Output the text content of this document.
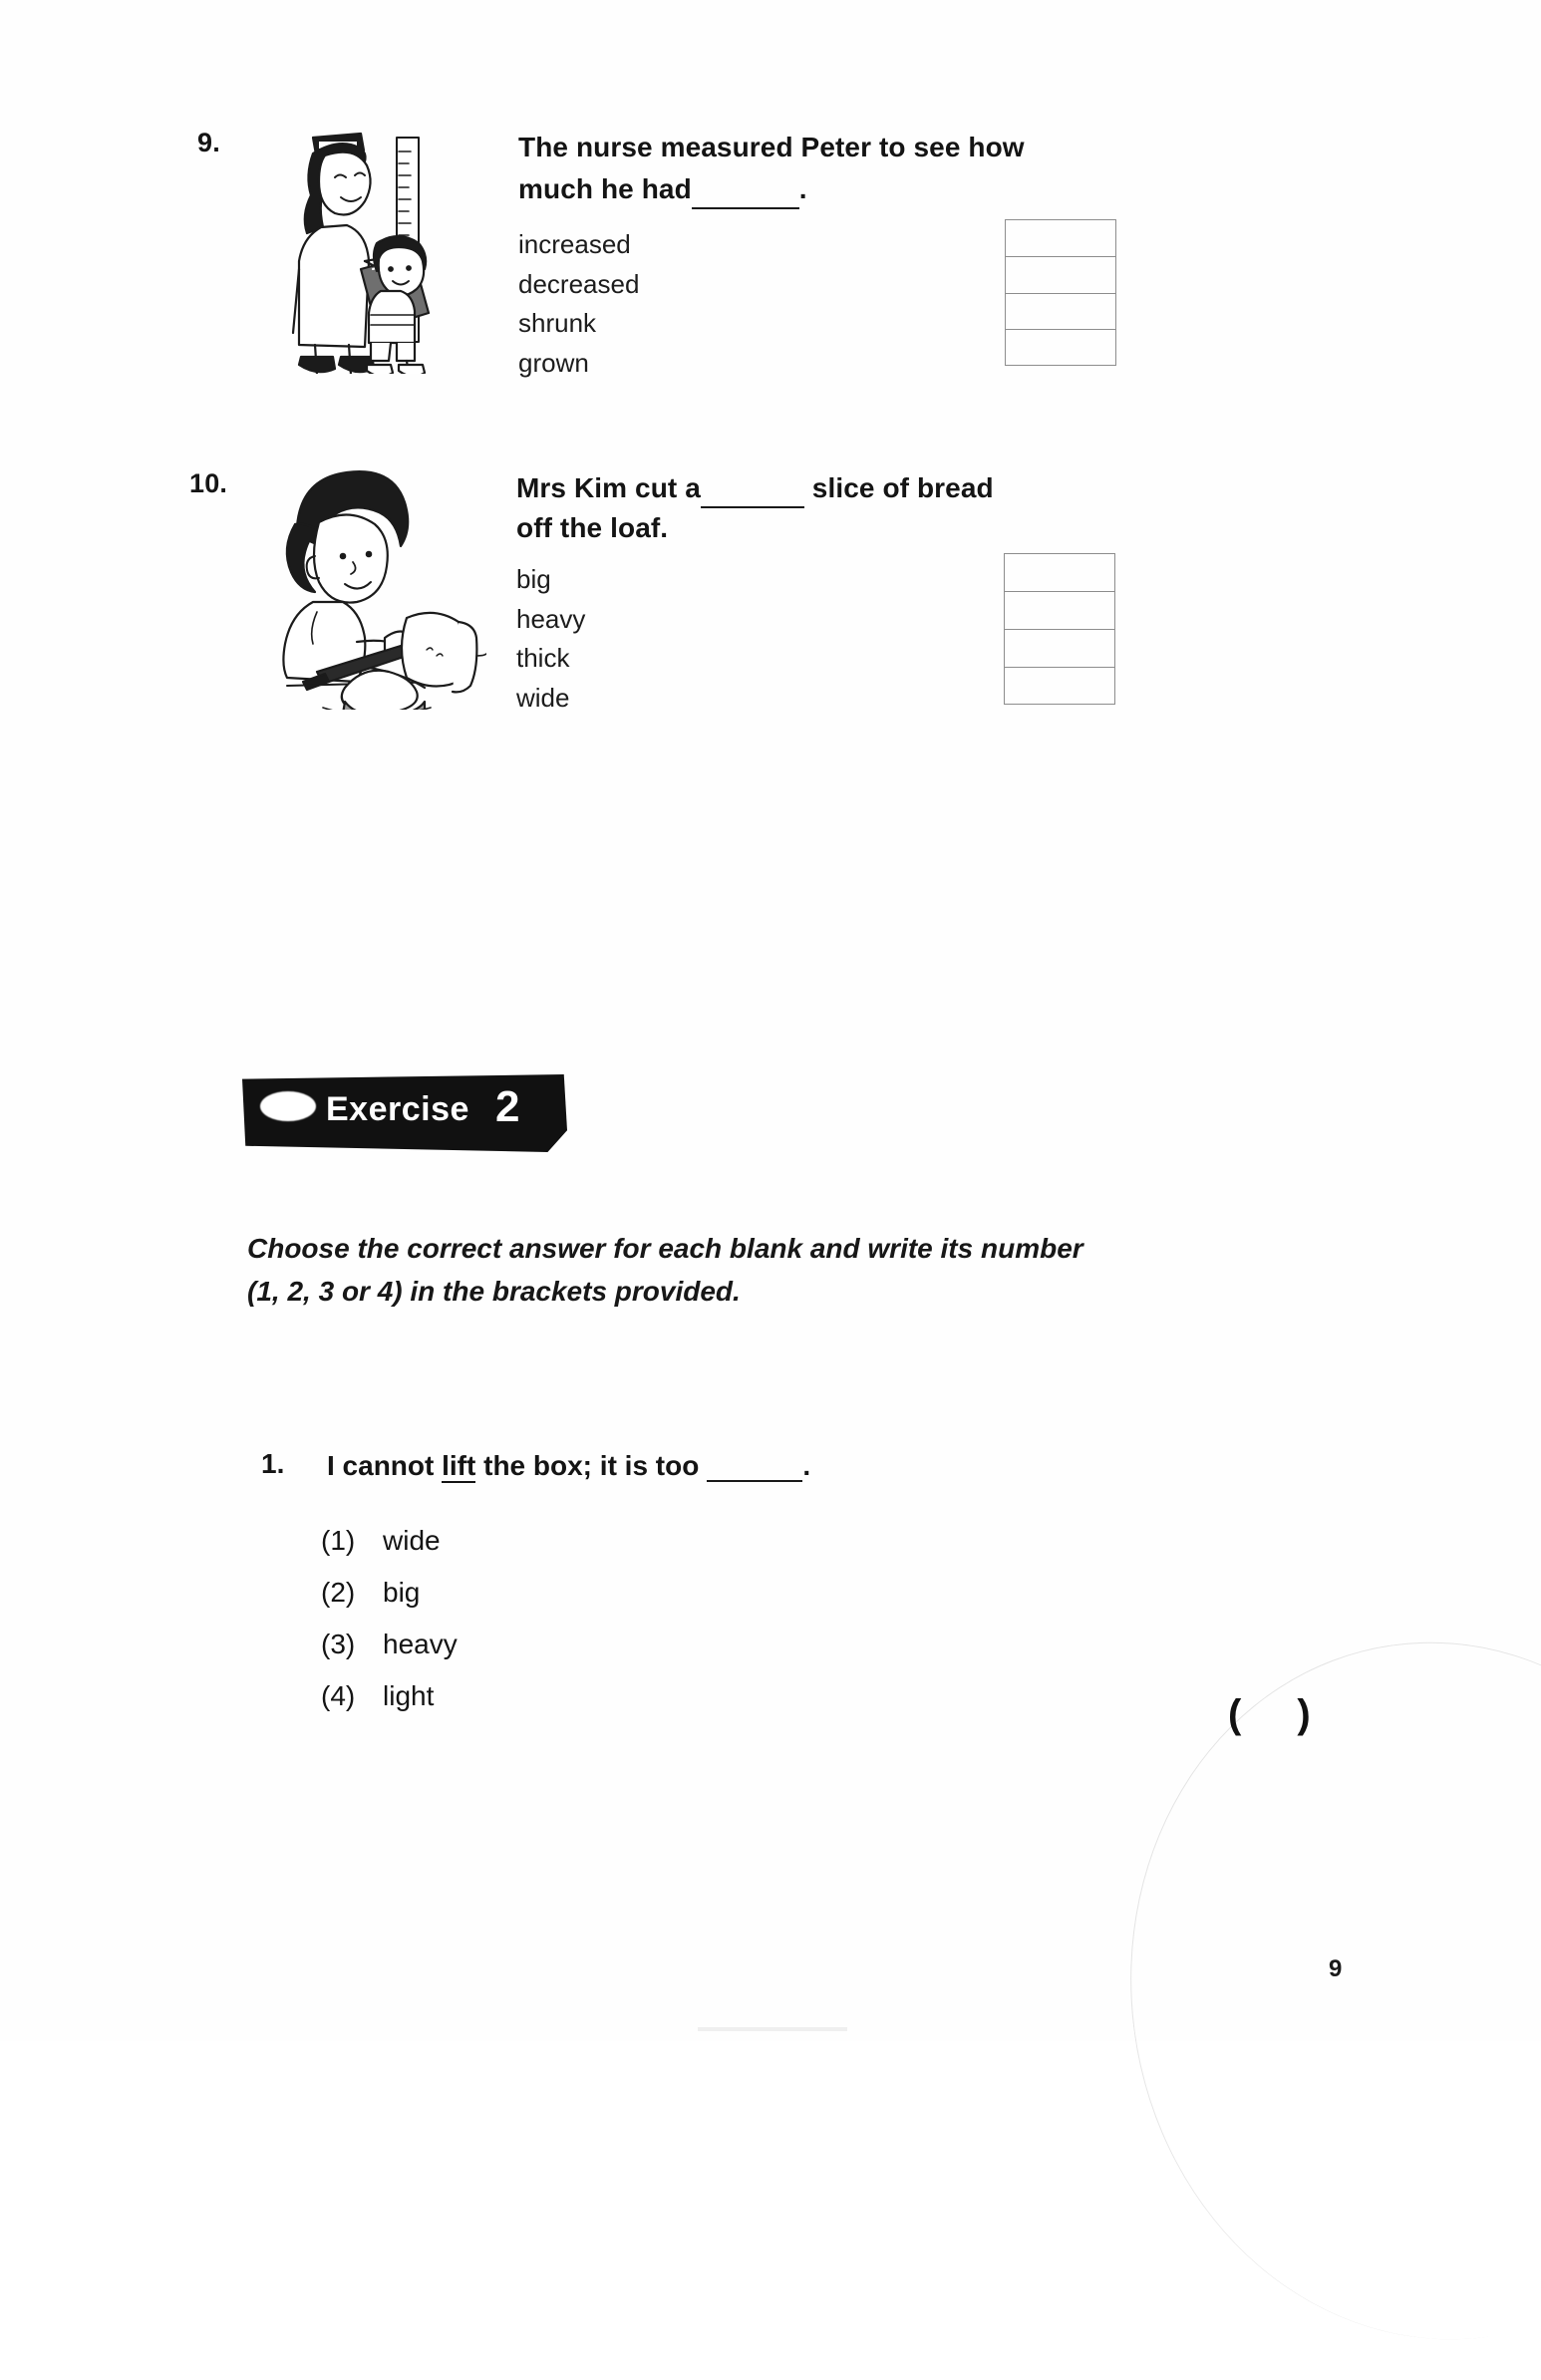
9.	The nurse measured Peter to see how much he had	.
increased
decreased
shrunk
grown
10.	Mrs Kim cut a	slice of bread off the loaf.
big
heavy
thick
wide
Exercise 2
Choose the correct answer for each blank and write its number
(1, 2, 3 or 4) in the brackets provided.
1. I cannot lift the box; it is too	.
(1) wide
(2) big
(3) heavy
(4) light	()
9
